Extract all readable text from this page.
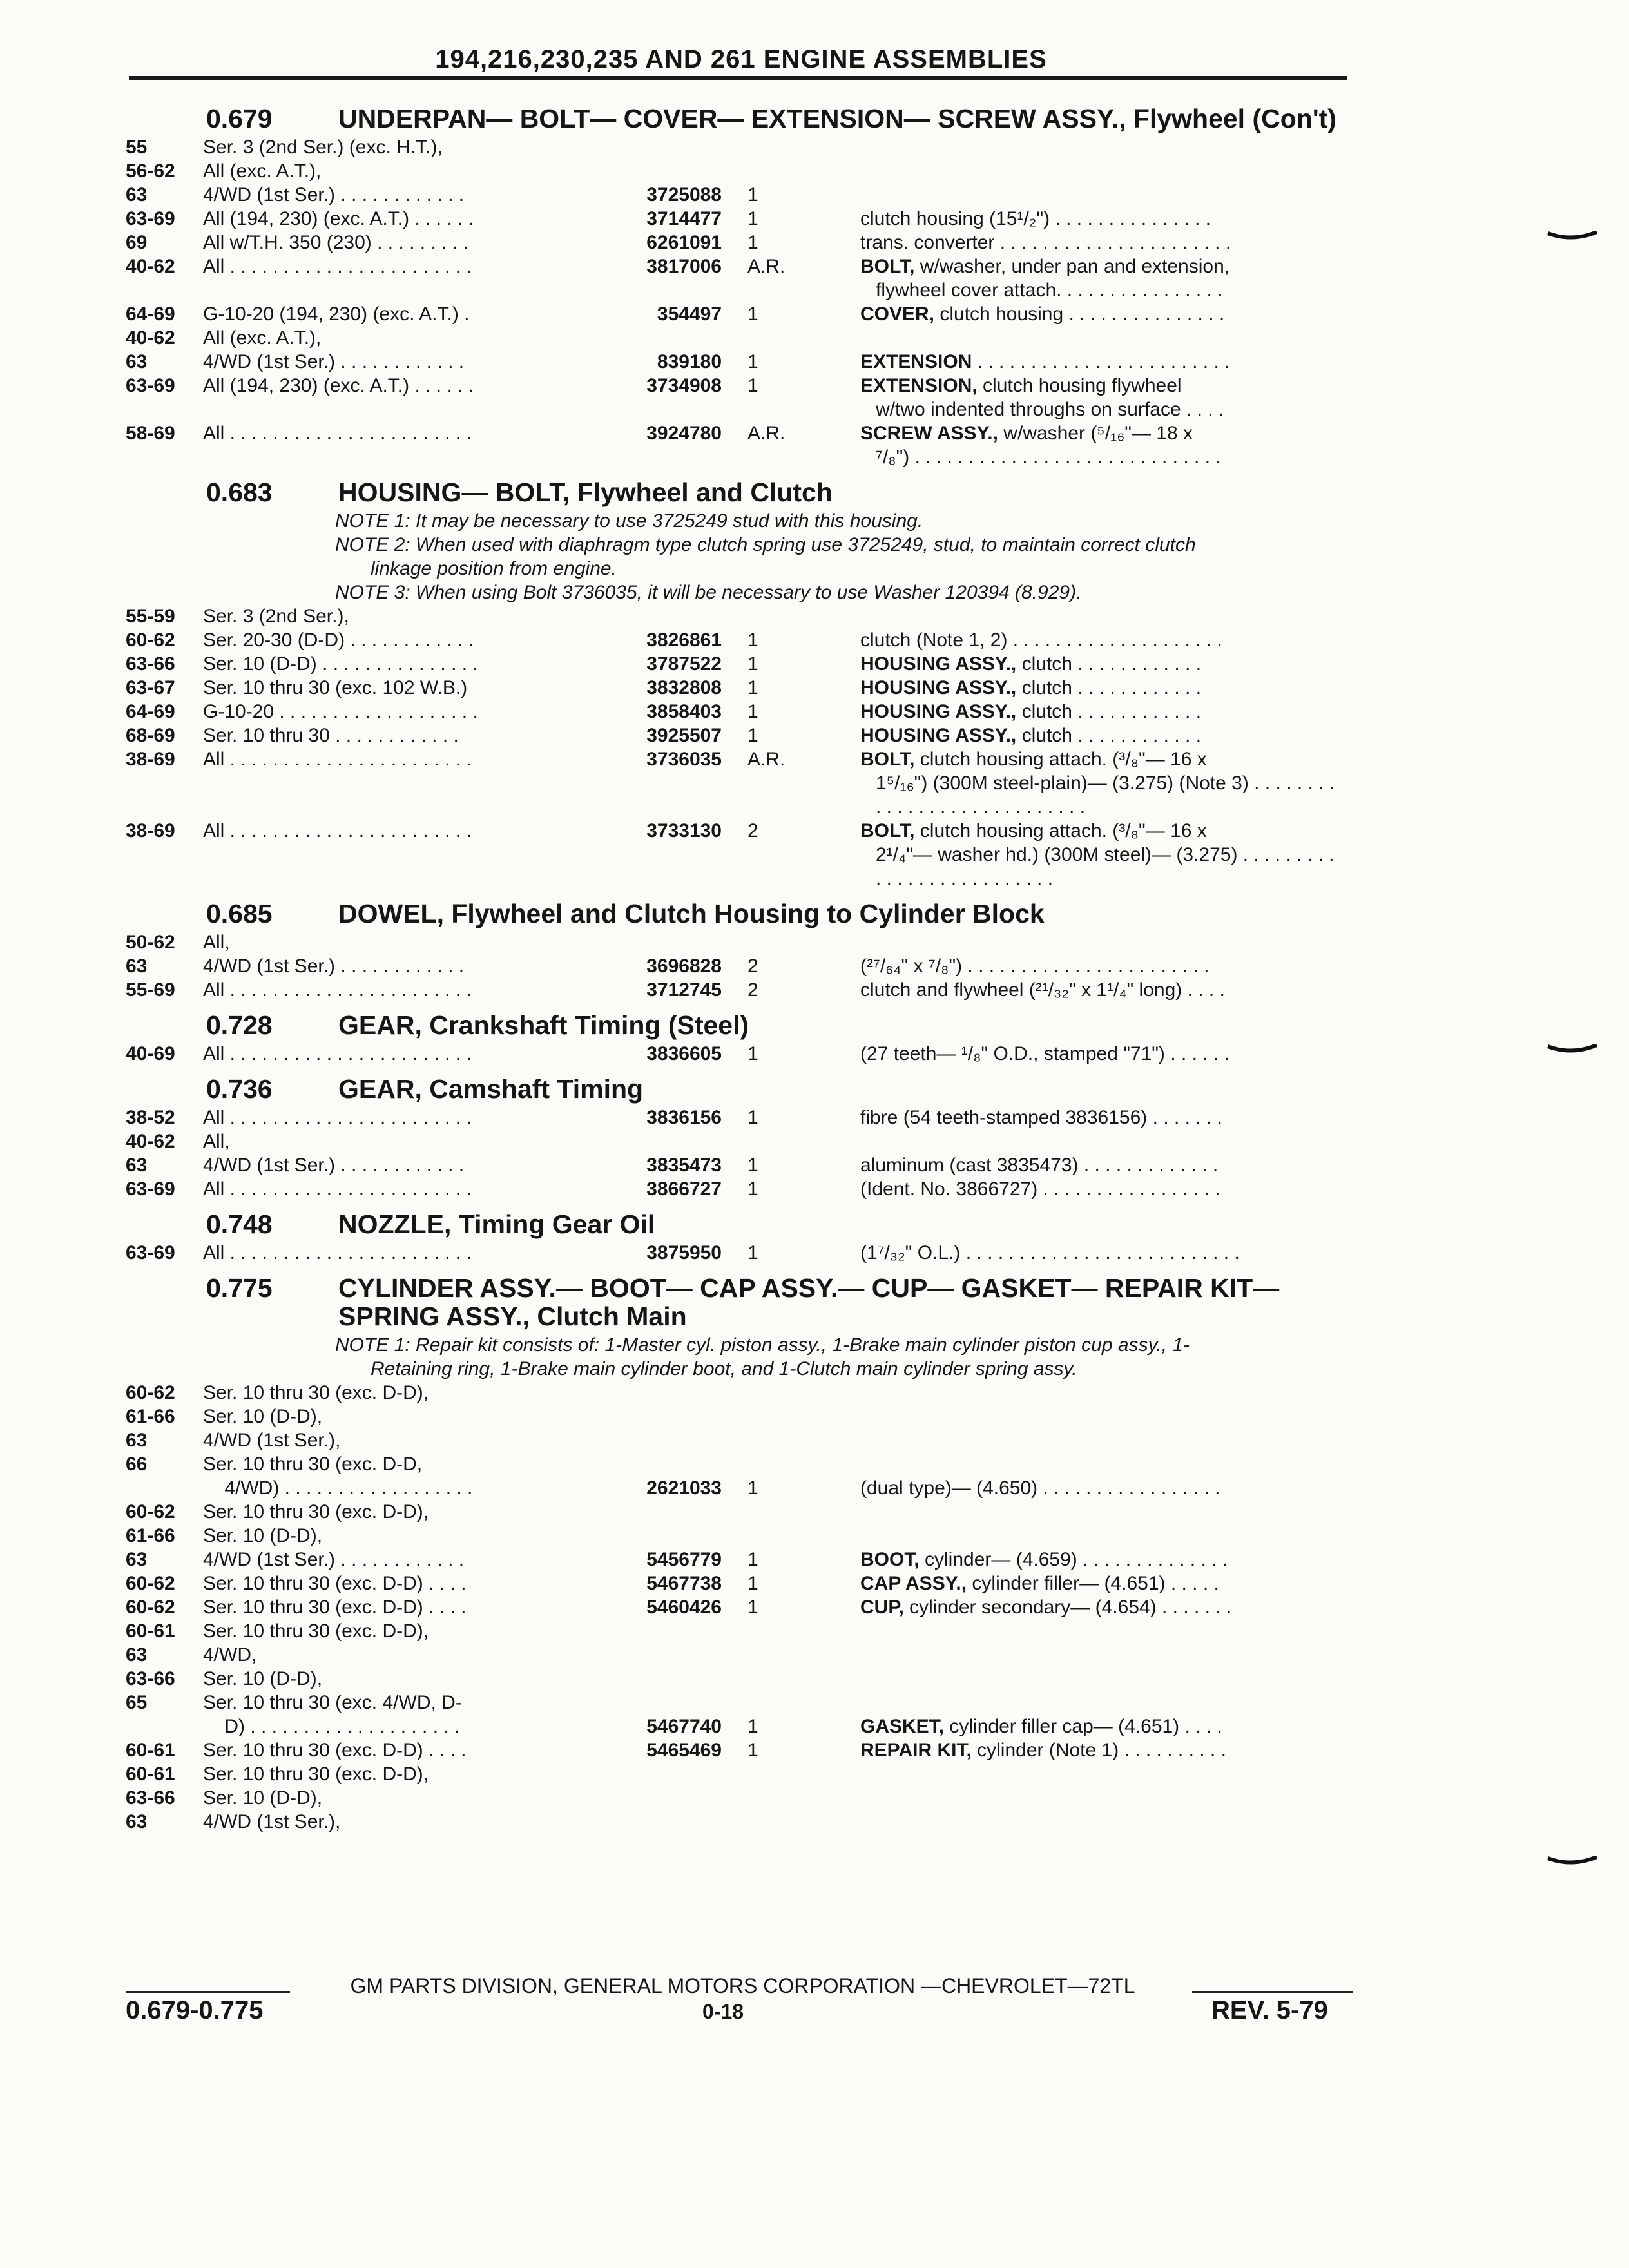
194,216,230,235 AND 261 ENGINE ASSEMBLIES
0.679	UNDERPAN— BOLT— COVER— EXTENSION— SCREW ASSY., Flywheel (Con't)
55	Ser. 3 (2nd Ser.) (exc. H.T.),
56-62	All (exc. A.T.),
63	4/WD (1st Ser.) . . . . . . . . . . . .	3725088	1
63-69	All (194, 230) (exc. A.T.) . . . . . .	3714477	1	clutch housing (15¹/₂") . . . . . . . . . . . . . . .
69	All w/T.H. 350 (230) . . . . . . . . .	6261091	1	trans. converter . . . . . . . . . . . . . . . . . . . . . .
40-62	All . . . . . . . . . . . . . . . . . . . . . . .	3817006	A.R.	BOLT, w/washer, under pan and extension,
flywheel cover attach. . . . . . . . . . . . . . . .
64-69	G-10-20 (194, 230) (exc. A.T.) .	354497	1	COVER, clutch housing . . . . . . . . . . . . . . .
40-62	All (exc. A.T.),
63	4/WD (1st Ser.) . . . . . . . . . . . .	839180	1	EXTENSION . . . . . . . . . . . . . . . . . . . . . . . .
63-69	All (194, 230) (exc. A.T.) . . . . . .	3734908	1	EXTENSION, clutch housing flywheel
w/two indented throughs on surface . . . .
58-69	All . . . . . . . . . . . . . . . . . . . . . . .	3924780	A.R.	SCREW ASSY., w/washer (⁵/₁₆"— 18 x
⁷/₈") . . . . . . . . . . . . . . . . . . . . . . . . . . . . .
0.683	HOUSING— BOLT, Flywheel and Clutch
NOTE 1: It may be necessary to use 3725249 stud with this housing.
NOTE 2: When used with diaphragm type clutch spring use 3725249, stud, to maintain correct clutch
linkage position from engine.
NOTE 3: When using Bolt 3736035, it will be necessary to use Washer 120394 (8.929).
55-59	Ser. 3 (2nd Ser.),
60-62	Ser. 20-30 (D-D) . . . . . . . . . . . .	3826861	1	clutch (Note 1, 2) . . . . . . . . . . . . . . . . . . . .
63-66	Ser. 10 (D-D) . . . . . . . . . . . . . . .	3787522	1	HOUSING ASSY., clutch . . . . . . . . . . . .
63-67	Ser. 10 thru 30 (exc. 102 W.B.)	3832808	1	HOUSING ASSY., clutch . . . . . . . . . . . .
64-69	G-10-20 . . . . . . . . . . . . . . . . . . .	3858403	1	HOUSING ASSY., clutch . . . . . . . . . . . .
68-69	Ser. 10 thru 30 . . . . . . . . . . . .	3925507	1	HOUSING ASSY., clutch . . . . . . . . . . . .
38-69	All . . . . . . . . . . . . . . . . . . . . . . .	3736035	A.R.	BOLT, clutch housing attach. (³/₈"— 16 x
1⁵/₁₆") (300M steel-plain)— (3.275) (Note 3) . . . . . . . . . . . . . . . . . . . . . . . . . . . .
38-69	All . . . . . . . . . . . . . . . . . . . . . . .	3733130	2	BOLT, clutch housing attach. (³/₈"— 16 x
2¹/₄"— washer hd.) (300M steel)— (3.275) . . . . . . . . . . . . . . . . . . . . . . . . . .
0.685	DOWEL, Flywheel and Clutch Housing to Cylinder Block
50-62	All,
63	4/WD (1st Ser.) . . . . . . . . . . . .	3696828	2	(²⁷/₆₄" x ⁷/₈") . . . . . . . . . . . . . . . . . . . . . . .
55-69	All . . . . . . . . . . . . . . . . . . . . . . .	3712745	2	clutch and flywheel (²¹/₃₂" x 1¹/₄" long) . . . .
0.728	GEAR, Crankshaft Timing (Steel)
40-69	All . . . . . . . . . . . . . . . . . . . . . . .	3836605	1	(27 teeth— ¹/₈" O.D., stamped "71") . . . . . .
0.736	GEAR, Camshaft Timing
38-52	All . . . . . . . . . . . . . . . . . . . . . . .	3836156	1	fibre (54 teeth-stamped 3836156) . . . . . . .
40-62	All,
63	4/WD (1st Ser.) . . . . . . . . . . . .	3835473	1	aluminum (cast 3835473) . . . . . . . . . . . . .
63-69	All . . . . . . . . . . . . . . . . . . . . . . .	3866727	1	(Ident. No. 3866727) . . . . . . . . . . . . . . . . .
0.748	NOZZLE, Timing Gear Oil
63-69	All . . . . . . . . . . . . . . . . . . . . . . .	3875950	1	(1⁷/₃₂" O.L.) . . . . . . . . . . . . . . . . . . . . . . . . . .
0.775	CYLINDER ASSY.— BOOT— CAP ASSY.— CUP— GASKET— REPAIR KIT— SPRING ASSY., Clutch Main
NOTE 1: Repair kit consists of: 1-Master cyl. piston assy., 1-Brake main cylinder piston cup assy., 1-
Retaining ring, 1-Brake main cylinder boot, and 1-Clutch main cylinder spring assy.
60-62	Ser. 10 thru 30 (exc. D-D),
61-66	Ser. 10 (D-D),
63	4/WD (1st Ser.),
66	Ser. 10 thru 30 (exc. D-D,
4/WD) . . . . . . . . . . . . . . . . . .	2621033	1	(dual type)— (4.650) . . . . . . . . . . . . . . . . .
60-62	Ser. 10 thru 30 (exc. D-D),
61-66	Ser. 10 (D-D),
63	4/WD (1st Ser.) . . . . . . . . . . . .	5456779	1	BOOT, cylinder— (4.659) . . . . . . . . . . . . . .
60-62	Ser. 10 thru 30 (exc. D-D) . . . .	5467738	1	CAP ASSY., cylinder filler— (4.651) . . . . .
60-62	Ser. 10 thru 30 (exc. D-D) . . . .	5460426	1	CUP, cylinder secondary— (4.654) . . . . . . .
60-61	Ser. 10 thru 30 (exc. D-D),
63	4/WD,
63-66	Ser. 10 (D-D),
65	Ser. 10 thru 30 (exc. 4/WD, D-
D) . . . . . . . . . . . . . . . . . . . .	5467740	1	GASKET, cylinder filler cap— (4.651) . . . .
60-61	Ser. 10 thru 30 (exc. D-D) . . . .	5465469	1	REPAIR KIT, cylinder (Note 1) . . . . . . . . . .
60-61	Ser. 10 thru 30 (exc. D-D),
63-66	Ser. 10 (D-D),
63	4/WD (1st Ser.),
GM PARTS DIVISION, GENERAL MOTORS CORPORATION —CHEVROLET—72TL
0.679-0.775	0-18	REV. 5-79
